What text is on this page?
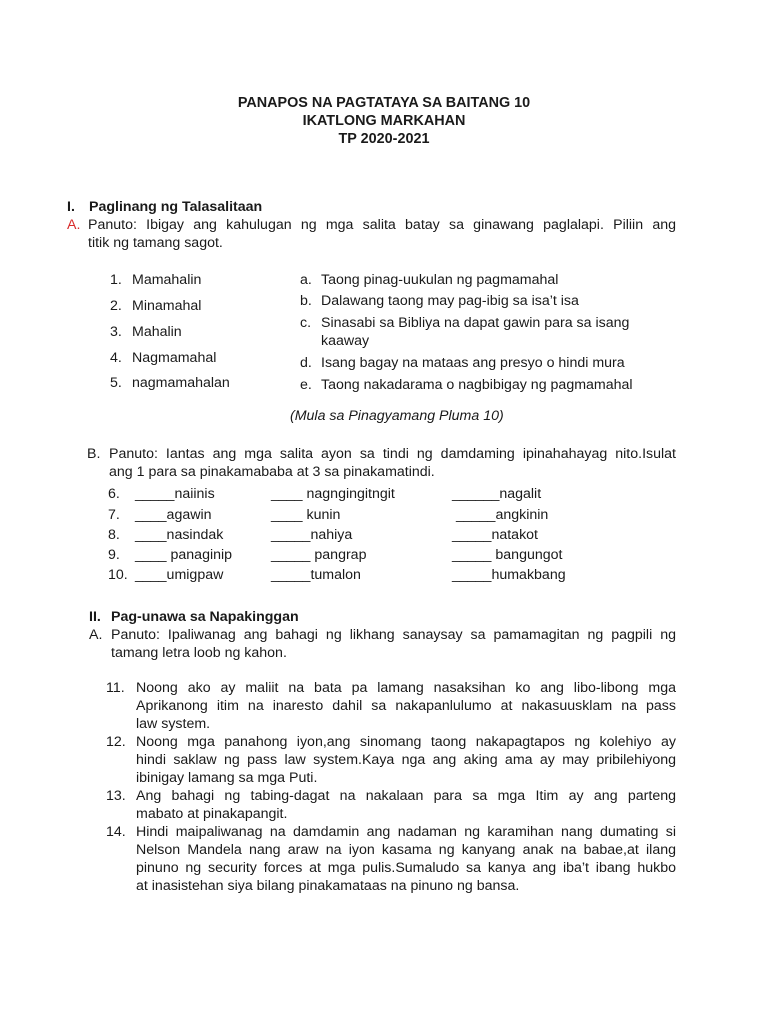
PANAPOS NA PAGTATAYA SA BAITANG 10
IKATLONG MARKAHAN
TP 2020-2021
I. Paglinang ng Talasalitaan
A. Panuto: Ibigay ang kahulugan ng mga salita batay sa ginawang paglalapi. Piliin ang
titik ng tamang sagot.
1. Mamahalin
2. Minamahal
3. Mahalin
4. Nagmamahal
5. nagmamahalan
a. Taong pinag-uukulan ng pagmamahal
b. Dalawang taong may pag-ibig sa isa’t isa
c. Sinasabi sa Bibliya na dapat gawin para sa isang
kaaway
d. Isang bagay na mataas ang presyo o hindi mura
e. Taong nakadarama o nagbibigay ng pagmamahal
(Mula sa Pinagyamang Pluma 10)
B. Panuto: Iantas ang mga salita ayon sa tindi ng damdaming ipinahahayag nito.Isulat
ang 1 para sa pinakamababa at 3 sa pinakamatindi.
6. _____naiinis	____ nagngingitngit	______nagalit
7. ____agawin	____ kunin	_____angkinin
8. ____nasindak	_____nahiya	_____natakot
9. ____ panaginip	_____ pangrap	_____ bangungot
10. ____umigpaw	_____tumalon	_____humakbang
II. Pag-unawa sa Napakinggan
A. Panuto: Ipaliwanag ang bahagi ng likhang sanaysay sa pamamagitan ng pagpili ng
tamang letra loob ng kahon.
11. Noong ako ay maliit na bata pa lamang nasaksihan ko ang libo-libong mga
Aprikanong itim na inaresto dahil sa nakapanlulumo at nakasuusklam na pass
law system.
12. Noong mga panahong iyon,ang sinomang taong nakapagtapos ng kolehiyo ay
hindi saklaw ng pass law system.Kaya nga ang aking ama ay may pribilehiyong
ibinigay lamang sa mga Puti.
13. Ang bahagi ng tabing-dagat na nakalaan para sa mga Itim ay ang parteng
mabato at pinakapangit.
14. Hindi maipaliwanag na damdamin ang nadaman ng karamihan nang dumating si
Nelson Mandela nang araw na iyon kasama ng kanyang anak na babae,at ilang
pinuno ng security forces at mga pulis.Sumaludo sa kanya ang iba’t ibang hukbo
at inasistehan siya bilang pinakamataas na pinuno ng bansa.
